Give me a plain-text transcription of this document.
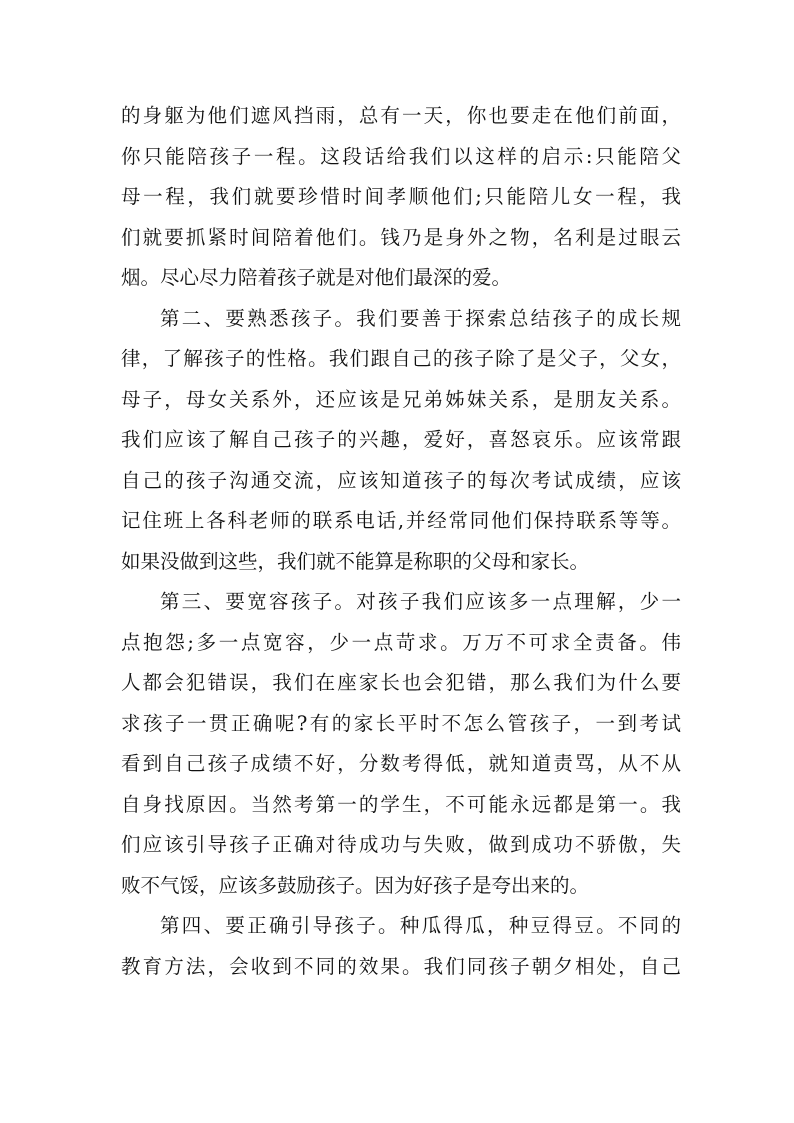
的身躯为他们遮风挡雨，总有一天，你也要走在他们前面，
你只能陪孩子一程。这段话给我们以这样的启示:只能陪父
母一程，我们就要珍惜时间孝顺他们;只能陪儿女一程，我
们就要抓紧时间陪着他们。钱乃是身外之物，名利是过眼云
烟。尽心尽力陪着孩子就是对他们最深的爱。
第二、要熟悉孩子。我们要善于探索总结孩子的成长规
律，了解孩子的性格。我们跟自己的孩子除了是父子，父女，
母子，母女关系外，还应该是兄弟姊妹关系，是朋友关系。
我们应该了解自己孩子的兴趣，爱好，喜怒哀乐。应该常跟
自己的孩子沟通交流，应该知道孩子的每次考试成绩，应该
记住班上各科老师的联系电话,并经常同他们保持联系等等。
如果没做到这些，我们就不能算是称职的父母和家长。
第三、要宽容孩子。对孩子我们应该多一点理解，少一
点抱怨;多一点宽容，少一点苛求。万万不可求全责备。伟
人都会犯错误，我们在座家长也会犯错，那么我们为什么要
求孩子一贯正确呢?有的家长平时不怎么管孩子，一到考试
看到自己孩子成绩不好，分数考得低，就知道责骂，从不从
自身找原因。当然考第一的学生，不可能永远都是第一。我
们应该引导孩子正确对待成功与失败，做到成功不骄傲，失
败不气馁，应该多鼓励孩子。因为好孩子是夸出来的。
第四、要正确引导孩子。种瓜得瓜，种豆得豆。不同的
教育方法，会收到不同的效果。我们同孩子朝夕相处，自己
